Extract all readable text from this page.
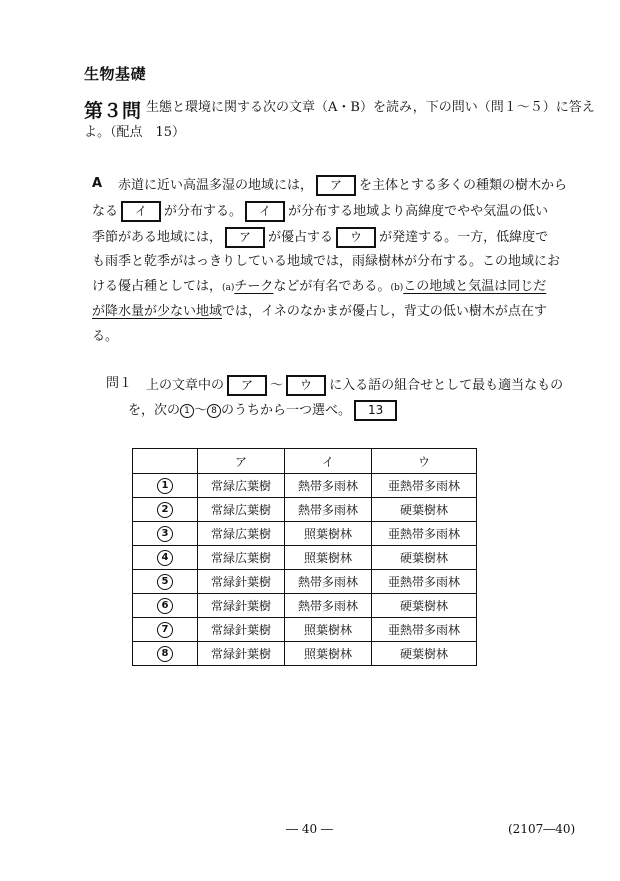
生物基礎
第３問 生態と環境に関する次の文章（A・B）を読み，下の問い（問１～５）に答え
よ。（配点　15）
A 赤道に近い高温多湿の地域には， ア を主体とする多くの種類の樹木から
なる イ が分布する。 イ が分布する地域より高緯度でやや気温の低い
季節がある地域には， ア が優占する ウ が発達する。一方，低緯度で
も雨季と乾季がはっきりしている地域では，雨緑樹林が分布する。この地域にお
ける優占種としては，(a)チークなどが有名である。(b)この地域と気温は同じだ
が降水量が少ない地域では，イネのなかまが優占し，背丈の低い樹木が点在す
る。
問１ 上の文章中の ア ～ ウ に入る語の組合せとして最も適当なもの
を，次の 1 ～ 8 のうちから一つ選べ。 13
	ア	イ	ウ
1	常緑広葉樹	熱帯多雨林	亜熱帯多雨林
2	常緑広葉樹	熱帯多雨林	硬葉樹林
3	常緑広葉樹	照葉樹林	亜熱帯多雨林
4	常緑広葉樹	照葉樹林	硬葉樹林
5	常緑針葉樹	熱帯多雨林	亜熱帯多雨林
6	常緑針葉樹	熱帯多雨林	硬葉樹林
7	常緑針葉樹	照葉樹林	亜熱帯多雨林
8	常緑針葉樹	照葉樹林	硬葉樹林
― 40 ―	(2107―40)
